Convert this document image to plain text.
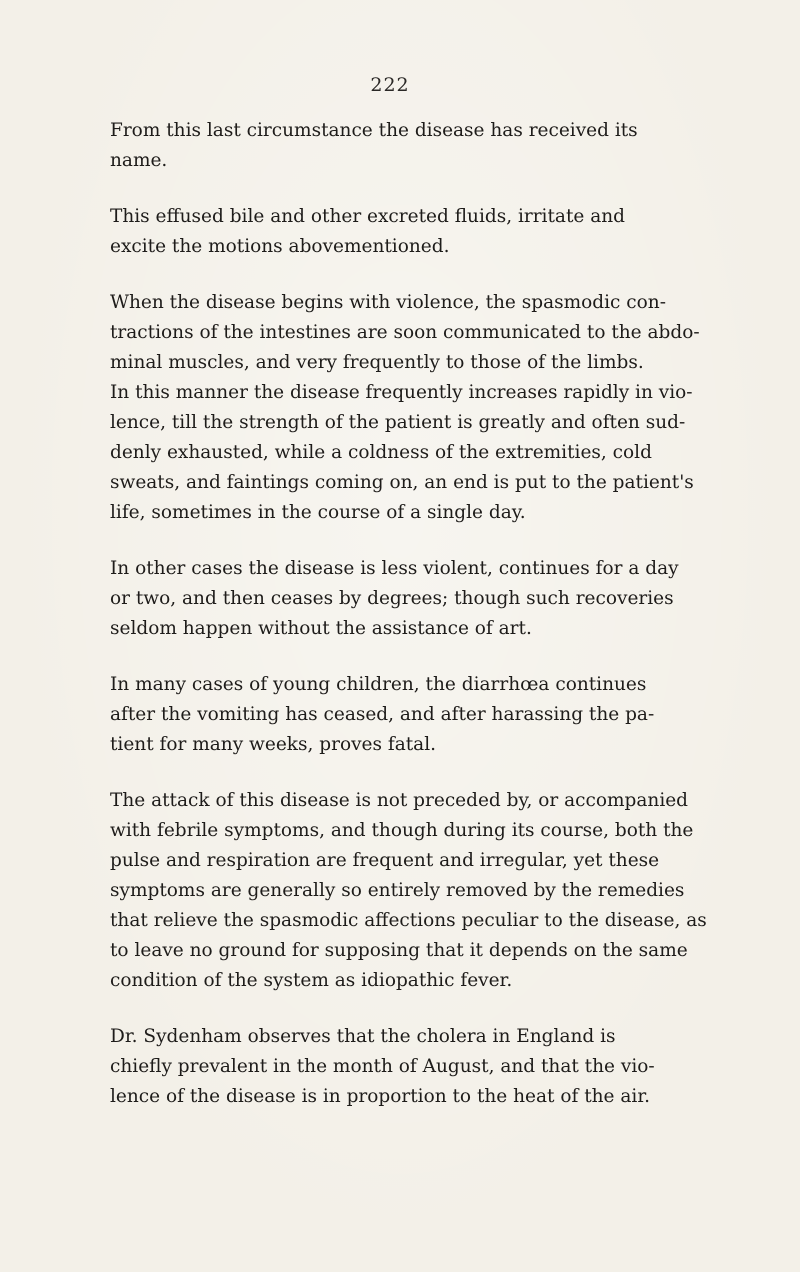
222

From this last circumstance the disease has received its
name.

This effused bile and other excreted fluids, irritate and
excite the motions abovementioned.

When the disease begins with violence, the spasmodic con-
tractions of the intestines are soon communicated to the abdo-
minal muscles, and very frequently to those of the limbs.
In this manner the disease frequently increases rapidly in vio-
lence, till the strength of the patient is greatly and often sud-
denly exhausted, while a coldness of the extremities, cold
sweats, and faintings coming on, an end is put to the patient's
life, sometimes in the course of a single day.

In other cases the disease is less violent, continues for a day
or two, and then ceases by degrees; though such recoveries
seldom happen without the assistance of art.

In many cases of young children, the diarrhœa continues
after the vomiting has ceased, and after harassing the pa-
tient for many weeks, proves fatal.

The attack of this disease is not preceded by, or accompanied
with febrile symptoms, and though during its course, both the
pulse and respiration are frequent and irregular, yet these
symptoms are generally so entirely removed by the remedies
that relieve the spasmodic affections peculiar to the disease, as
to leave no ground for supposing that it depends on the same
condition of the system as idiopathic fever.

Dr. Sydenham observes that the cholera in England is
chiefly prevalent in the month of August, and that the vio-
lence of the disease is in proportion to the heat of the air.
